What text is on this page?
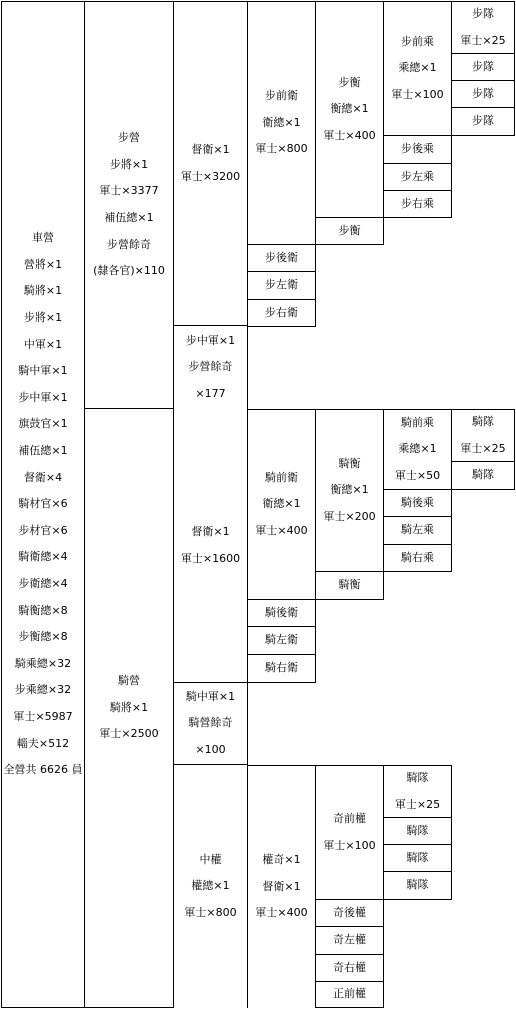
車營
營將×1
騎將×1
步將×1
中軍×1
騎中軍×1
步中軍×1
旗鼓官×1
補伍總×1
督衛×4
騎材官×6
步材官×6
騎衛總×4
步衛總×4
騎衡總×8
步衡總×8
騎乘總×32
步乘總×32
軍士×5987
輜夫×512
全營共 6626 員
步營
步將×1
軍士×3377
補伍總×1
步營餘奇
(隸各官)×110
騎營
騎將×1
軍士×2500
督衛×1
軍士×3200
步中軍×1
步營餘奇
×177
督衛×1
軍士×1600
騎中軍×1
騎營餘奇
×100
中權
權總×1
軍士×800
步前衛
衛總×1
軍士×800
步後衛
步左衛
步右衛
騎前衛
衛總×1
軍士×400
騎後衛
騎左衛
騎右衛
權奇×1
督衛×1
軍士×400
步衡
衡總×1
軍士×400
步衡
騎衡
衡總×1
軍士×200
騎衡
奇前權
軍士×100
奇後權
奇左權
奇右權
正前權
步前乘
乘總×1
軍士×100
步後乘
步左乘
步右乘
騎前乘
乘總×1
軍士×50
騎後乘
騎左乘
騎右乘
騎隊
軍士×25
騎隊
騎隊
騎隊
步隊
軍士×25
步隊
步隊
步隊
騎隊
軍士×25
騎隊
